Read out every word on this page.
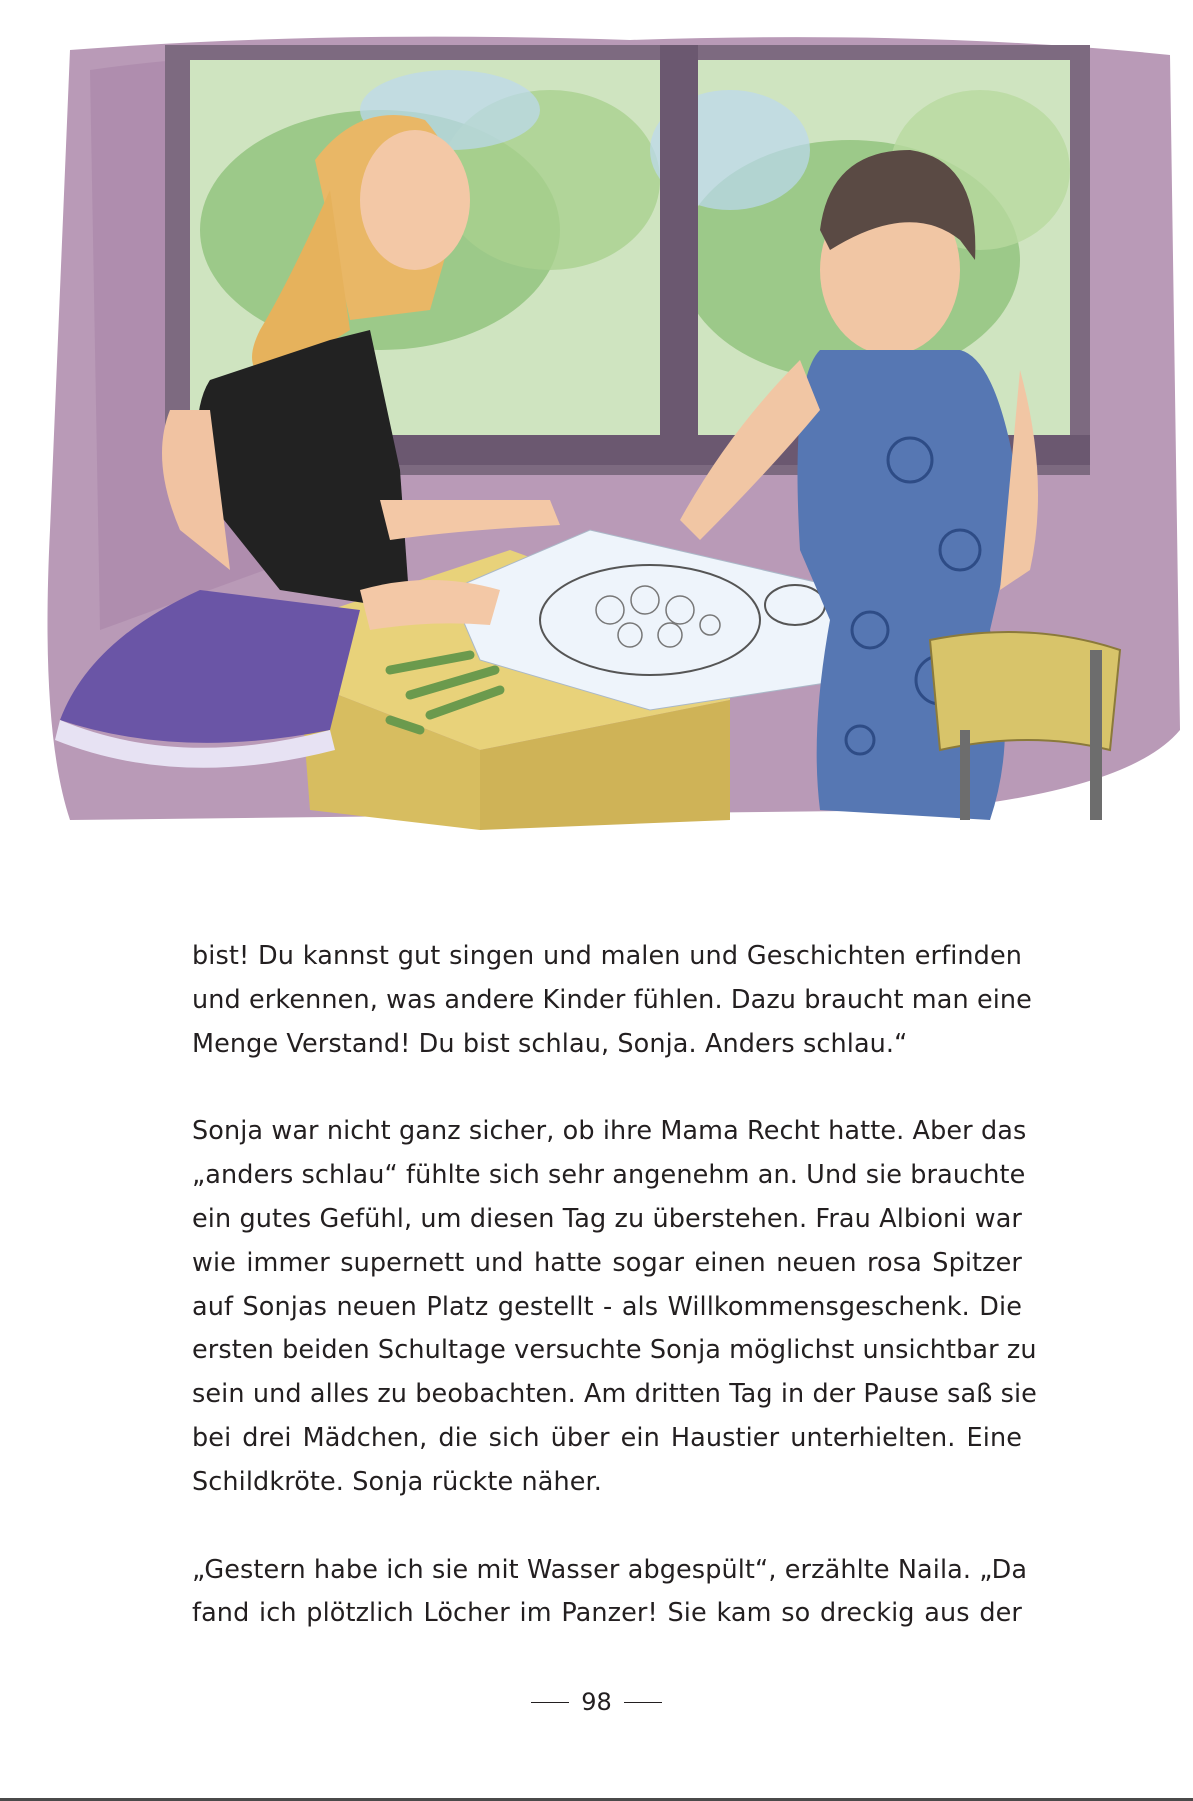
bist! Du kannst gut singen und malen und Geschichten erfinden
und erkennen, was andere Kinder fühlen. Dazu braucht man eine
Menge Verstand! Du bist schlau, Sonja. Anders schlau.“

Sonja war nicht ganz sicher, ob ihre Mama Recht hatte. Aber das
„anders schlau“ fühlte sich sehr angenehm an. Und sie brauchte
ein gutes Gefühl, um diesen Tag zu überstehen. Frau Albioni war
wie immer supernett und hatte sogar einen neuen rosa Spitzer
auf Sonjas neuen Platz gestellt - als Willkommensgeschenk. Die
ersten beiden Schultage versuchte Sonja möglichst unsichtbar zu
sein und alles zu beobachten. Am dritten Tag in der Pause saß sie
bei drei Mädchen, die sich über ein Haustier unterhielten. Eine
Schildkröte. Sonja rückte näher.

„Gestern habe ich sie mit Wasser abgespült“, erzählte Naila. „Da
fand ich plötzlich Löcher im Panzer! Sie kam so dreckig aus der

98
